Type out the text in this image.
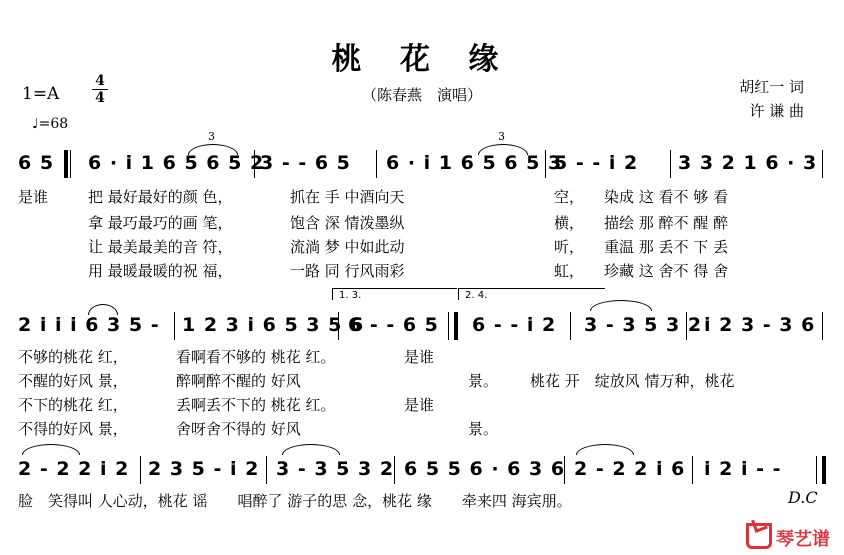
桃 花 缘
（陈春燕　演唱）	胡红一 词
许 谦 曲
1=A
4
4
♩=68
6 5 6 · i 1 6 5 6 5 2
3 - - 6 5 6 · i 1 6 5 6 5 3
5 - - i 2 3 3 2 1 6 · 3
3	3
是谁	把 最好最好的颜 色，	抓在 手 中酒向天	空， 染成 这 看不 够 看
拿 最巧最巧的画 笔，	饱含 深 情泼墨纵	横， 描绘 那 醉不 醒 醉
让 最美最美的音 符，	流淌 梦 中如此动	听， 重温 那 丢不 下 丢
用 最暖最暖的祝 福，	一路 同 行风雨彩	虹， 珍藏 这 舍不 得 舍
1. 3.	2. 4.
2 i i i 6 3 5 - 1 2 3 i 6 5 3 5 6
6 - - 6 5 6 - - i 2 3 - 3 5 3 2 i 2 3 - 3 6
不够的桃花 红，	看啊看不够的 桃花 红。	是谁
不醒的好风 景，	醉啊醉不醒的 好风	景。 桃花 开　绽放风 情万种，桃花
不下的桃花 红，	丢啊丢不下的 桃花 红。	是谁
不得的好风 景，	舍呀舍不得的 好风	景。
2 - 2 2 i 2 2 3 5 - i 2 3 - 3 5 3 2 6 5 5 6 · 6 3 6 2 - 2 2 i 6 i 2 i - -
脸　笑得叫 人心动，桃花 谣　　唱醉了 游子的思 念，桃花 缘　　牵来四 海宾朋。	D.C
琴艺谱
